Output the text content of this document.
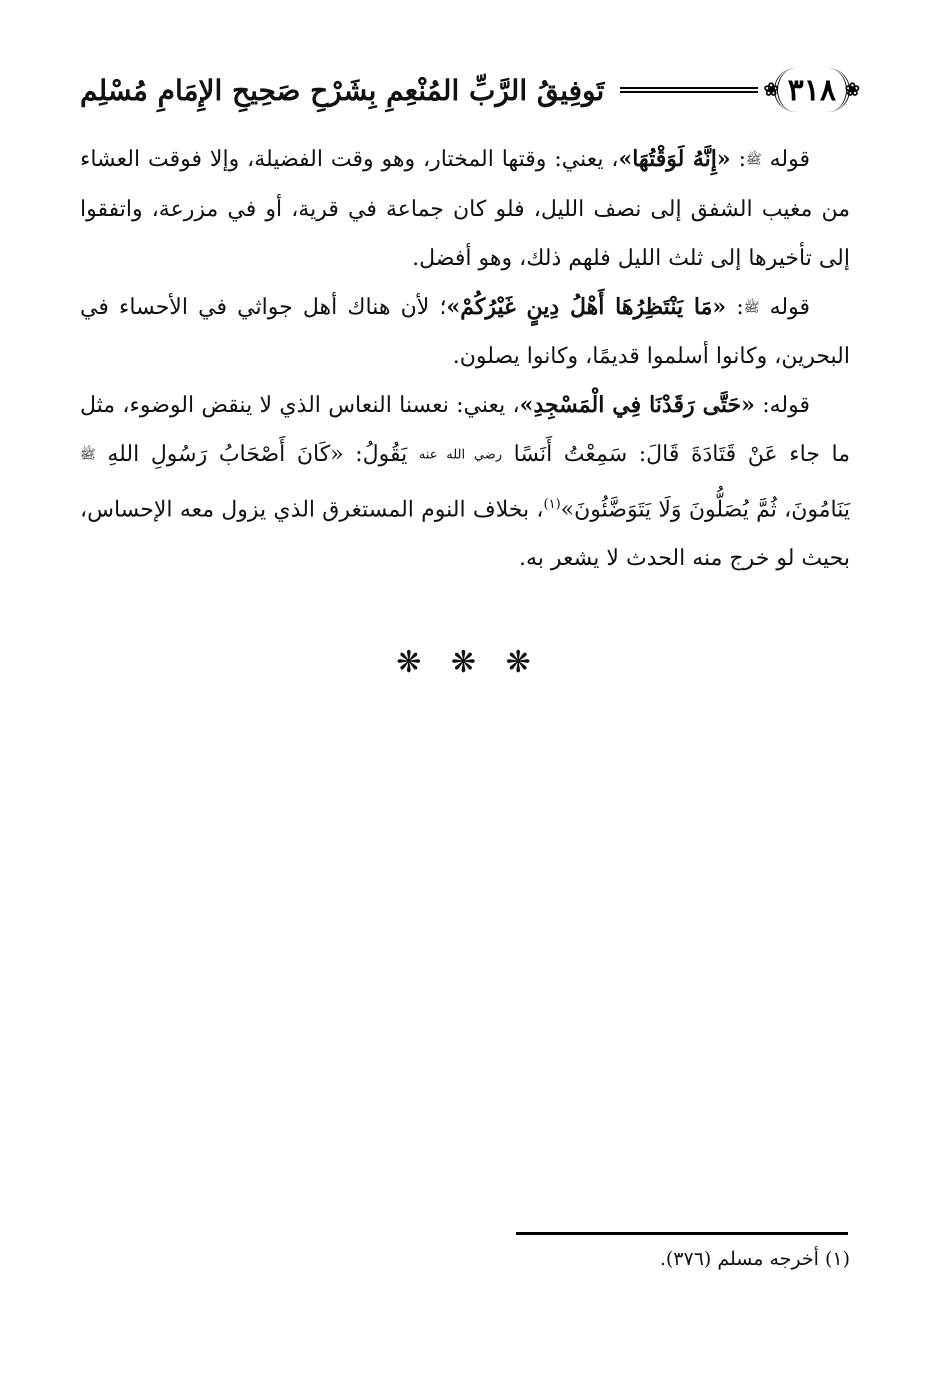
❀ ٣١٨ ❀
تَوفِيقُ الرَّبِّ المُنْعِمِ بِشَرْحِ صَحِيحِ الإِمَامِ مُسْلِم

قوله ﷺ: «إِنَّهُ لَوَقْتُهَا»، يعني: وقتها المختار، وهو وقت الفضيلة، وإلا فوقت العشاء من مغيب الشفق إلى نصف الليل، فلو كان جماعة في قرية، أو في مزرعة، واتفقوا إلى تأخيرها إلى ثلث الليل فلهم ذلك، وهو أفضل.

قوله ﷺ: «مَا يَنْتَظِرُهَا أَهْلُ دِينٍ غَيْرُكُمْ»؛ لأن هناك أهل جواثي في الأحساء في البحرين، وكانوا أسلموا قديمًا، وكانوا يصلون.

قوله: «حَتَّى رَقَدْنَا فِي الْمَسْجِدِ»، يعني: نعسنا النعاس الذي لا ينقض الوضوء، مثل ما جاء عَنْ قَتَادَةَ قَالَ: سَمِعْتُ أَنَسًا رضي الله عنه يَقُولُ: «كَانَ أَصْحَابُ رَسُولِ اللهِ ﷺ يَنَامُونَ، ثُمَّ يُصَلُّونَ وَلَا يَتَوَضَّئُونَ»$^{(١)}$، بخلاف النوم المستغرق الذي يزول معه الإحساس، بحيث لو خرج منه الحدث لا يشعر به.

❋ ❋ ❋
(١) أخرجه مسلم (٣٧٦).
